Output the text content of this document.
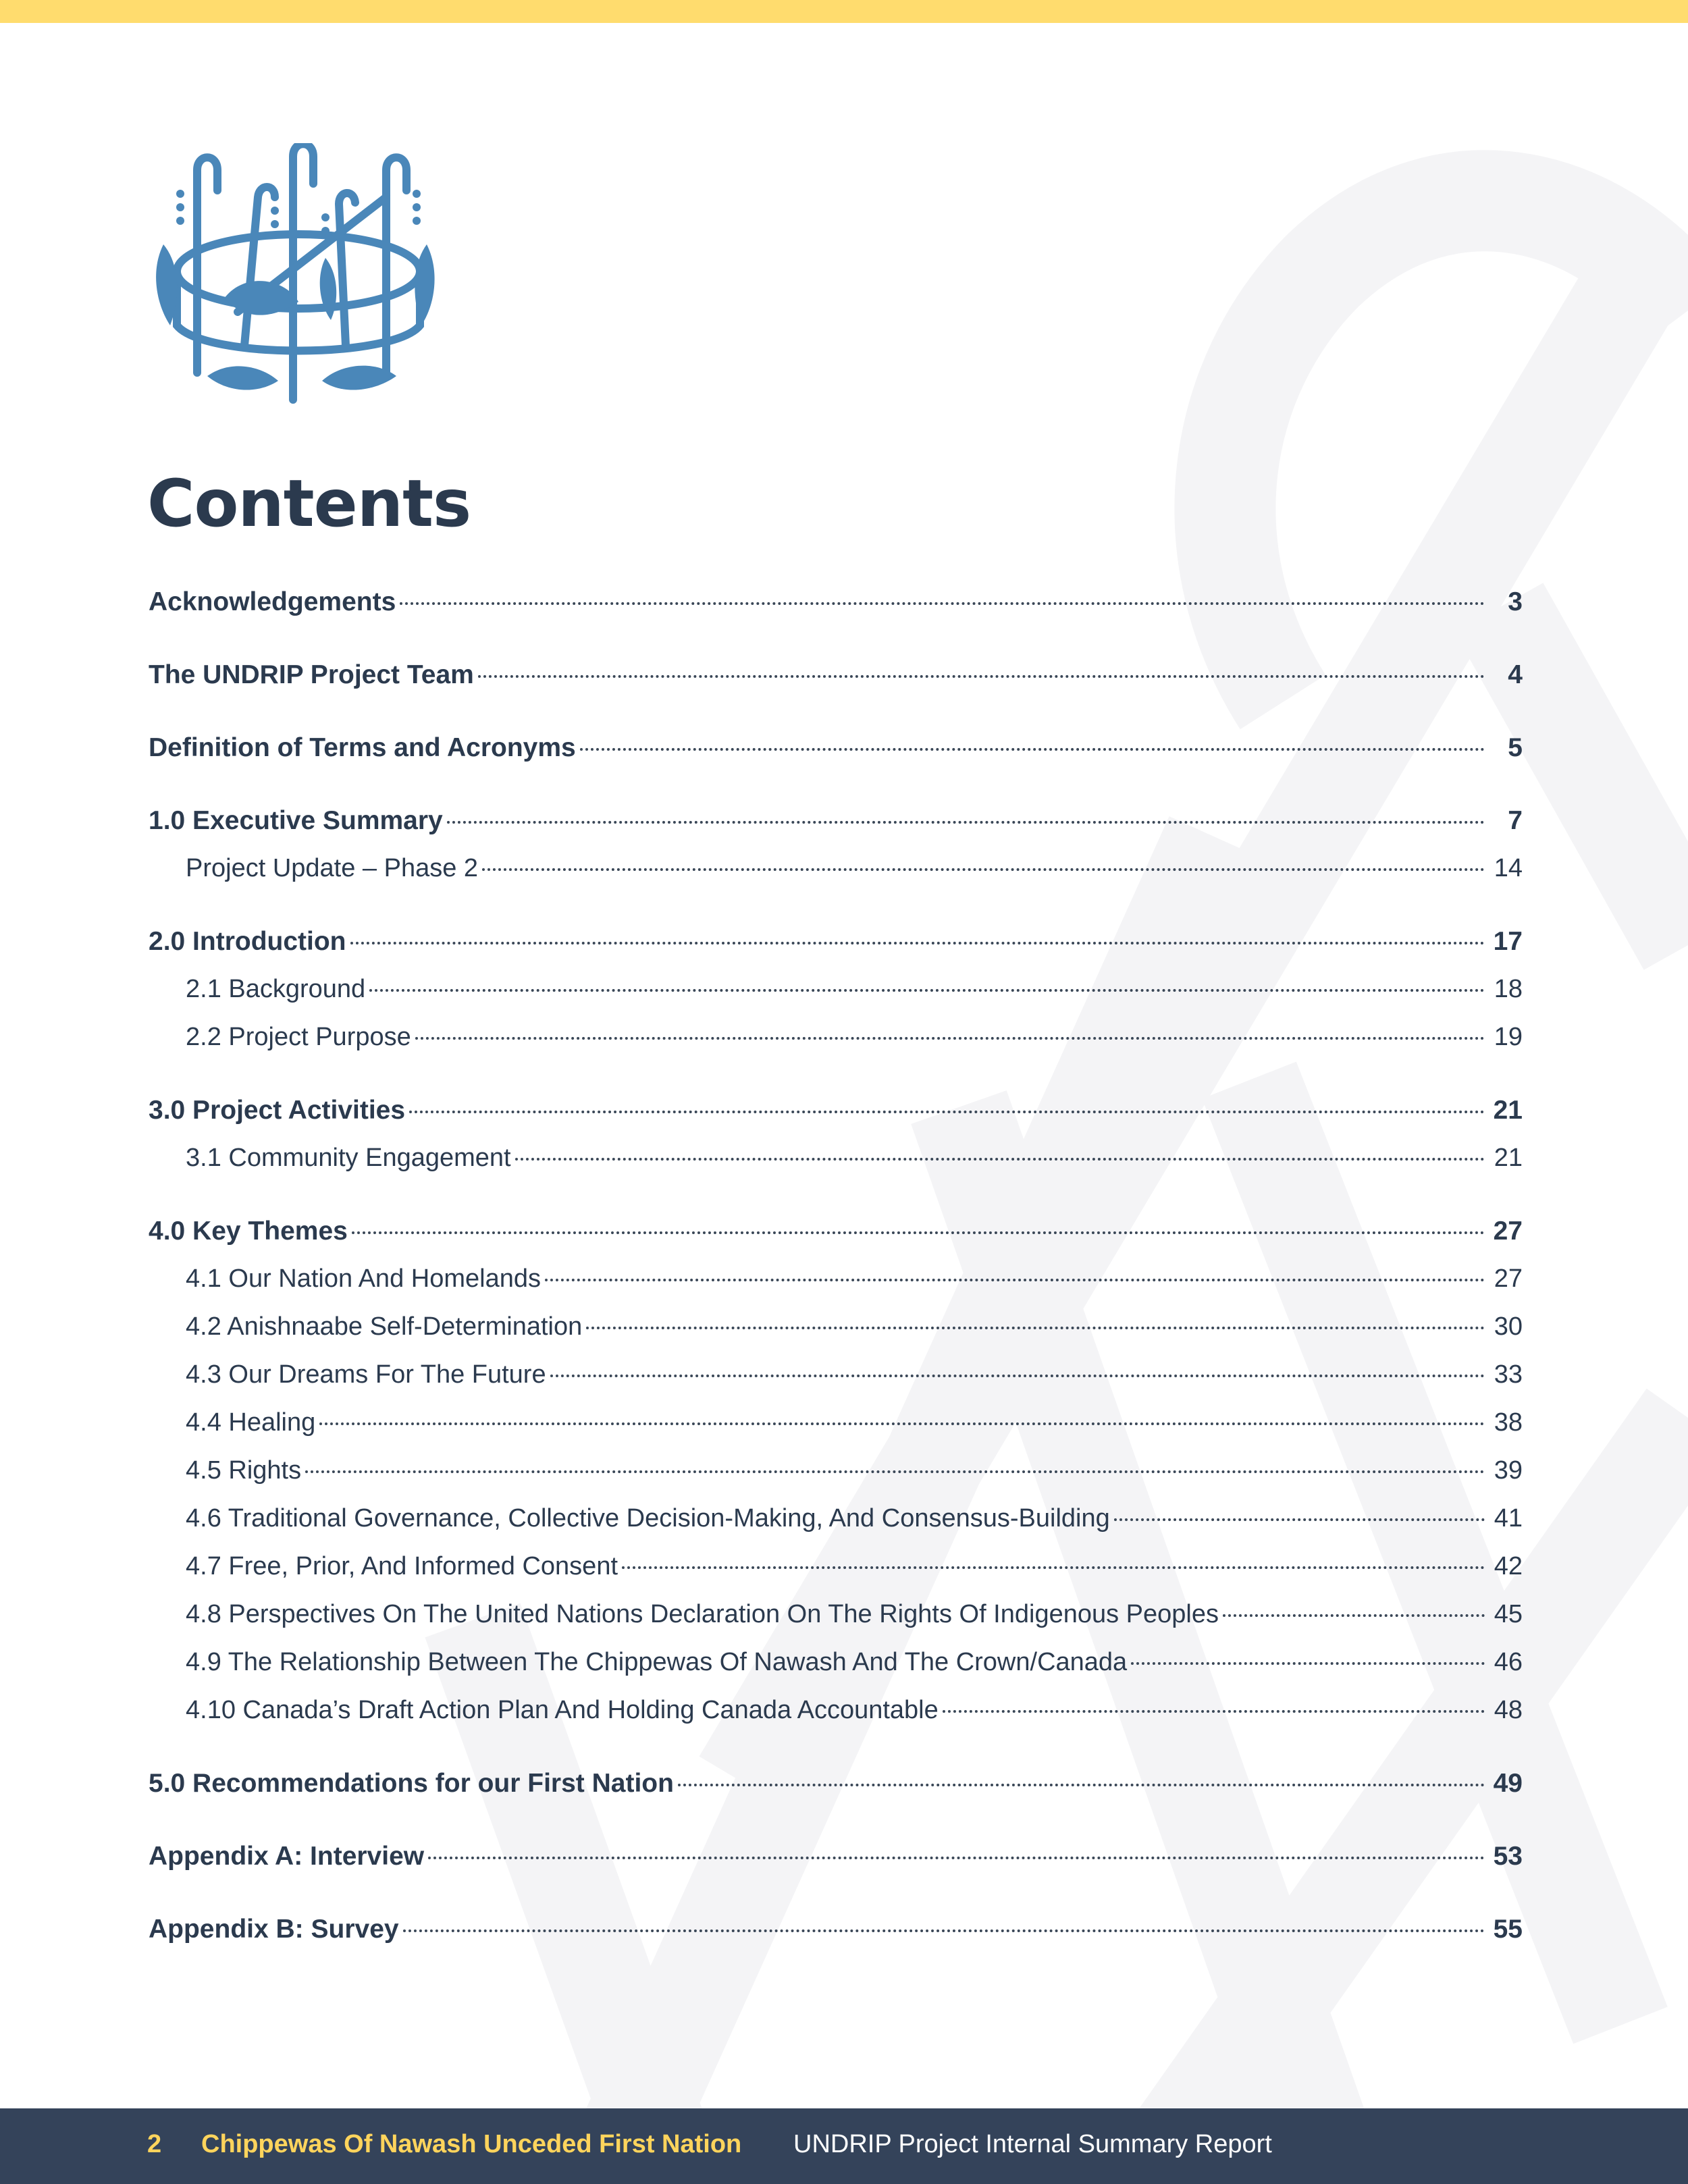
Contents
Acknowledgements	3
The UNDRIP Project Team	4
Definition of Terms and Acronyms	5
1.0 Executive Summary	7
Project Update – Phase 2	14
2.0 Introduction	17
2.1 Background	18
2.2 Project Purpose	19
3.0 Project Activities	21
3.1 Community Engagement	21
4.0 Key Themes	27
4.1 Our Nation And Homelands	27
4.2 Anishnaabe Self-Determination	30
4.3 Our Dreams For The Future	33
4.4 Healing	38
4.5 Rights	39
4.6 Traditional Governance, Collective Decision-Making, And Consensus-Building	41
4.7 Free, Prior, And Informed Consent	42
4.8 Perspectives On The United Nations Declaration On The Rights Of Indigenous Peoples	45
4.9 The Relationship Between The Chippewas Of Nawash And The Crown/Canada	46
4.10 Canada’s Draft Action Plan And Holding Canada Accountable	48
5.0 Recommendations for our First Nation	49
Appendix A: Interview	53
Appendix B: Survey	55
2 Chippewas Of Nawash Unceded First Nation UNDRIP Project Internal Summary Report
